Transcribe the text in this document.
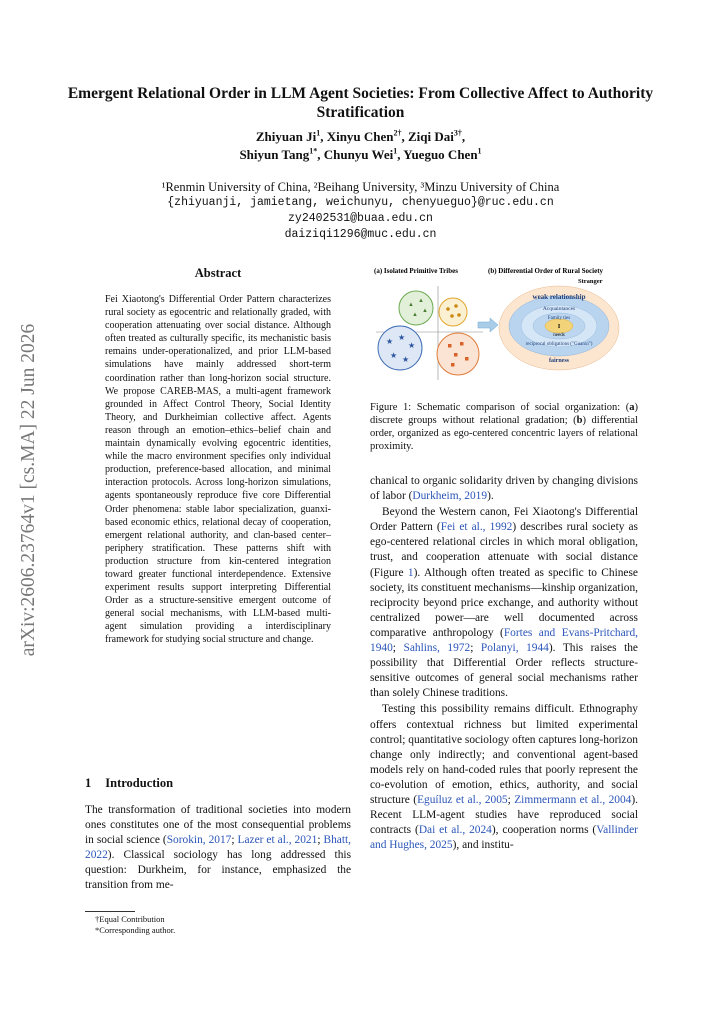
arXiv:2606.23764v1 [cs.MA] 22 Jun 2026
Emergent Relational Order in LLM Agent Societies: From Collective Affect to Authority Stratification
Zhiyuan Ji$^1$, Xinyu Chen$^{2\dagger}$, Ziqi Dai$^{3\dagger}$,
Shiyun Tang$^{1*}$, Chunyu Wei$^1$, Yueguo Chen$^1$
¹Renmin University of China, ²Beihang University, ³Minzu University of China
{zhiyuanji, jamietang, weichunyu, chenyueguo}@ruc.edu.cn
zy2402531@buaa.edu.cn
daiziqi1296@muc.edu.cn
Abstract
Fei Xiaotong's Differential Order Pattern characterizes rural society as egocentric and relationally graded, with cooperation attenuating over social distance. Although often treated as culturally specific, its mechanistic basis remains under-operationalized, and prior LLM-based simulations have mainly addressed short-term coordination rather than long-horizon social structure. We propose CAREB-MAS, a multi-agent framework grounded in Affect Control Theory, Social Identity Theory, and Durkheimian collective affect. Agents reason through an emotion–ethics–belief chain and maintain dynamically evolving egocentric identities, while the macro environment specifies only individual production, preference-based allocation, and minimal interaction protocols. Across long-horizon simulations, agents spontaneously reproduce five core Differential Order phenomena: stable labor specialization, guanxi-based economic ethics, relational decay of cooperation, emergent relational authority, and clan-based center–periphery stratification. These patterns shift with production structure from kin-centered integration toward greater functional interdependence. Extensive experiment results support interpreting Differential Order as a structure-sensitive emergent outcome of general social mechanisms, with LLM-based multi-agent simulation providing a interdisciplinary framework for studying social structure and change.
1 Introduction
The transformation of traditional societies into modern ones constitutes one of the most consequential problems in social science (Sorokin, 2017; Lazer et al., 2021; Bhatt, 2022). Classical sociology has long addressed this question: Durkheim, for instance, emphasized the transition from me-
†Equal Contribution
*Corresponding author.
(a) Isolated Primitive Tribes	(b) Differential Order of Rural Society
▲
▲
▲
▲
★ ★
★
★ ★
Stranger
weak relationship
Acquaintances
Family ties
I
needs
reciprocal obligations ("Guanxi")
fairness
Figure 1: Schematic comparison of social organization: (a) discrete groups without relational gradation; (b) differential order, organized as ego-centered concentric layers of relational proximity.

chanical to organic solidarity driven by changing divisions of labor (Durkheim, 2019).

Beyond the Western canon, Fei Xiaotong's Differential Order Pattern (Fei et al., 1992) describes rural society as ego-centered relational circles in which moral obligation, trust, and cooperation attenuate with social distance (Figure 1). Although often treated as specific to Chinese society, its constituent mechanisms—kinship organization, reciprocity beyond price exchange, and authority without centralized power—are well documented across comparative anthropology (Fortes and Evans-Pritchard, 1940; Sahlins, 1972; Polanyi, 1944). This raises the possibility that Differential Order reflects structure-sensitive outcomes of general social mechanisms rather than solely Chinese traditions.

Testing this possibility remains difficult. Ethnography offers contextual richness but limited experimental control; quantitative sociology often captures long-horizon change only indirectly; and conventional agent-based models rely on hand-coded rules that poorly represent the co-evolution of emotion, ethics, authority, and social structure (Eguíluz et al., 2005; Zimmermann et al., 2004). Recent LLM-agent studies have reproduced social contracts (Dai et al., 2024), cooperation norms (Vallinder and Hughes, 2025), and institu-
